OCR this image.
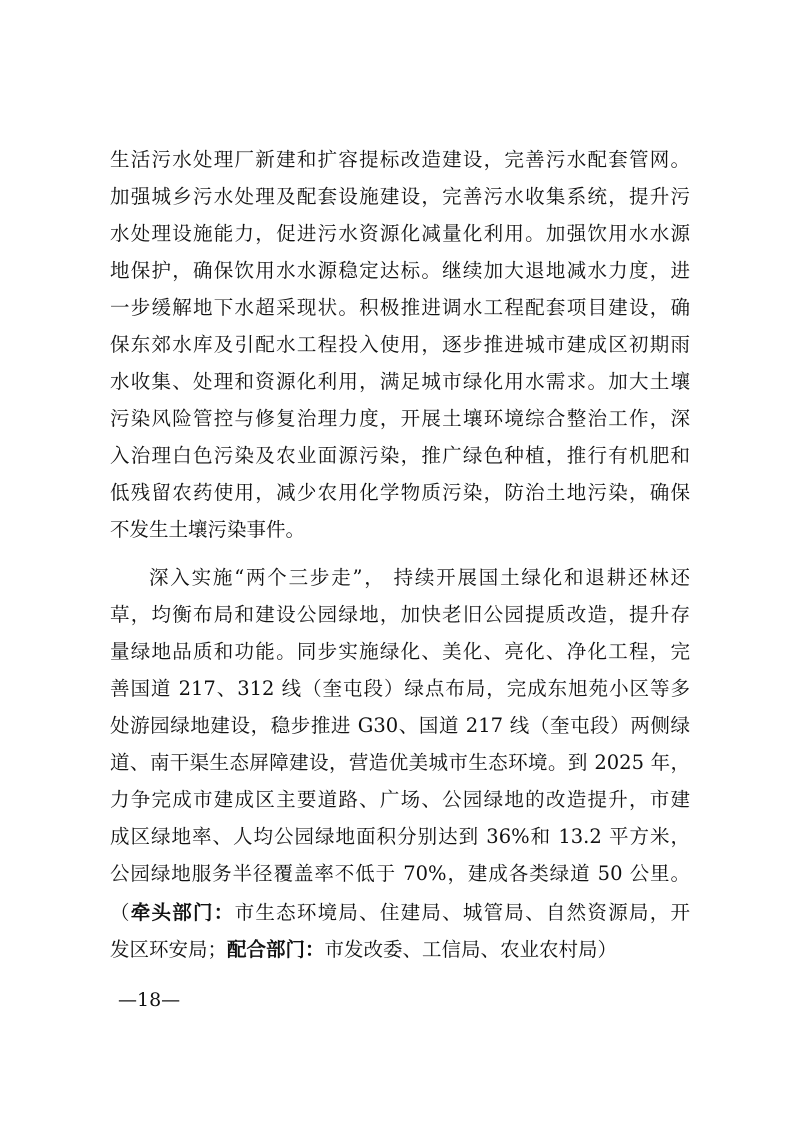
生活污水处理厂新建和扩容提标改造建设，完善污水配套管网。
加强城乡污水处理及配套设施建设，完善污水收集系统，提升污
水处理设施能力，促进污水资源化减量化利用。加强饮用水水源
地保护，确保饮用水水源稳定达标。继续加大退地减水力度，进
一步缓解地下水超采现状。积极推进调水工程配套项目建设，确
保东郊水库及引配水工程投入使用，逐步推进城市建成区初期雨
水收集、处理和资源化利用，满足城市绿化用水需求。加大土壤
污染风险管控与修复治理力度，开展土壤环境综合整治工作，深
入治理白色污染及农业面源污染，推广绿色种植，推行有机肥和
低残留农药使用，减少农用化学物质污染，防治土地污染，确保
不发生土壤污染事件。
深入实施“两个三步走”， 持续开展国土绿化和退耕还林还
草，均衡布局和建设公园绿地，加快老旧公园提质改造，提升存
量绿地品质和功能。同步实施绿化、美化、亮化、净化工程，完
善国道 217、312 线（奎屯段）绿点布局，完成东旭苑小区等多
处游园绿地建设，稳步推进 G30、国道 217 线（奎屯段）两侧绿
道、南干渠生态屏障建设，营造优美城市生态环境。到 2025 年，
力争完成市建成区主要道路、广场、公园绿地的改造提升，市建
成区绿地率、人均公园绿地面积分别达到 36%和 13.2 平方米，
公园绿地服务半径覆盖率不低于 70%，建成各类绿道 50 公里。
（牵头部门：市生态环境局、住建局、城管局、自然资源局，开
发区环安局；配合部门：市发改委、工信局、农业农村局）
—18—
